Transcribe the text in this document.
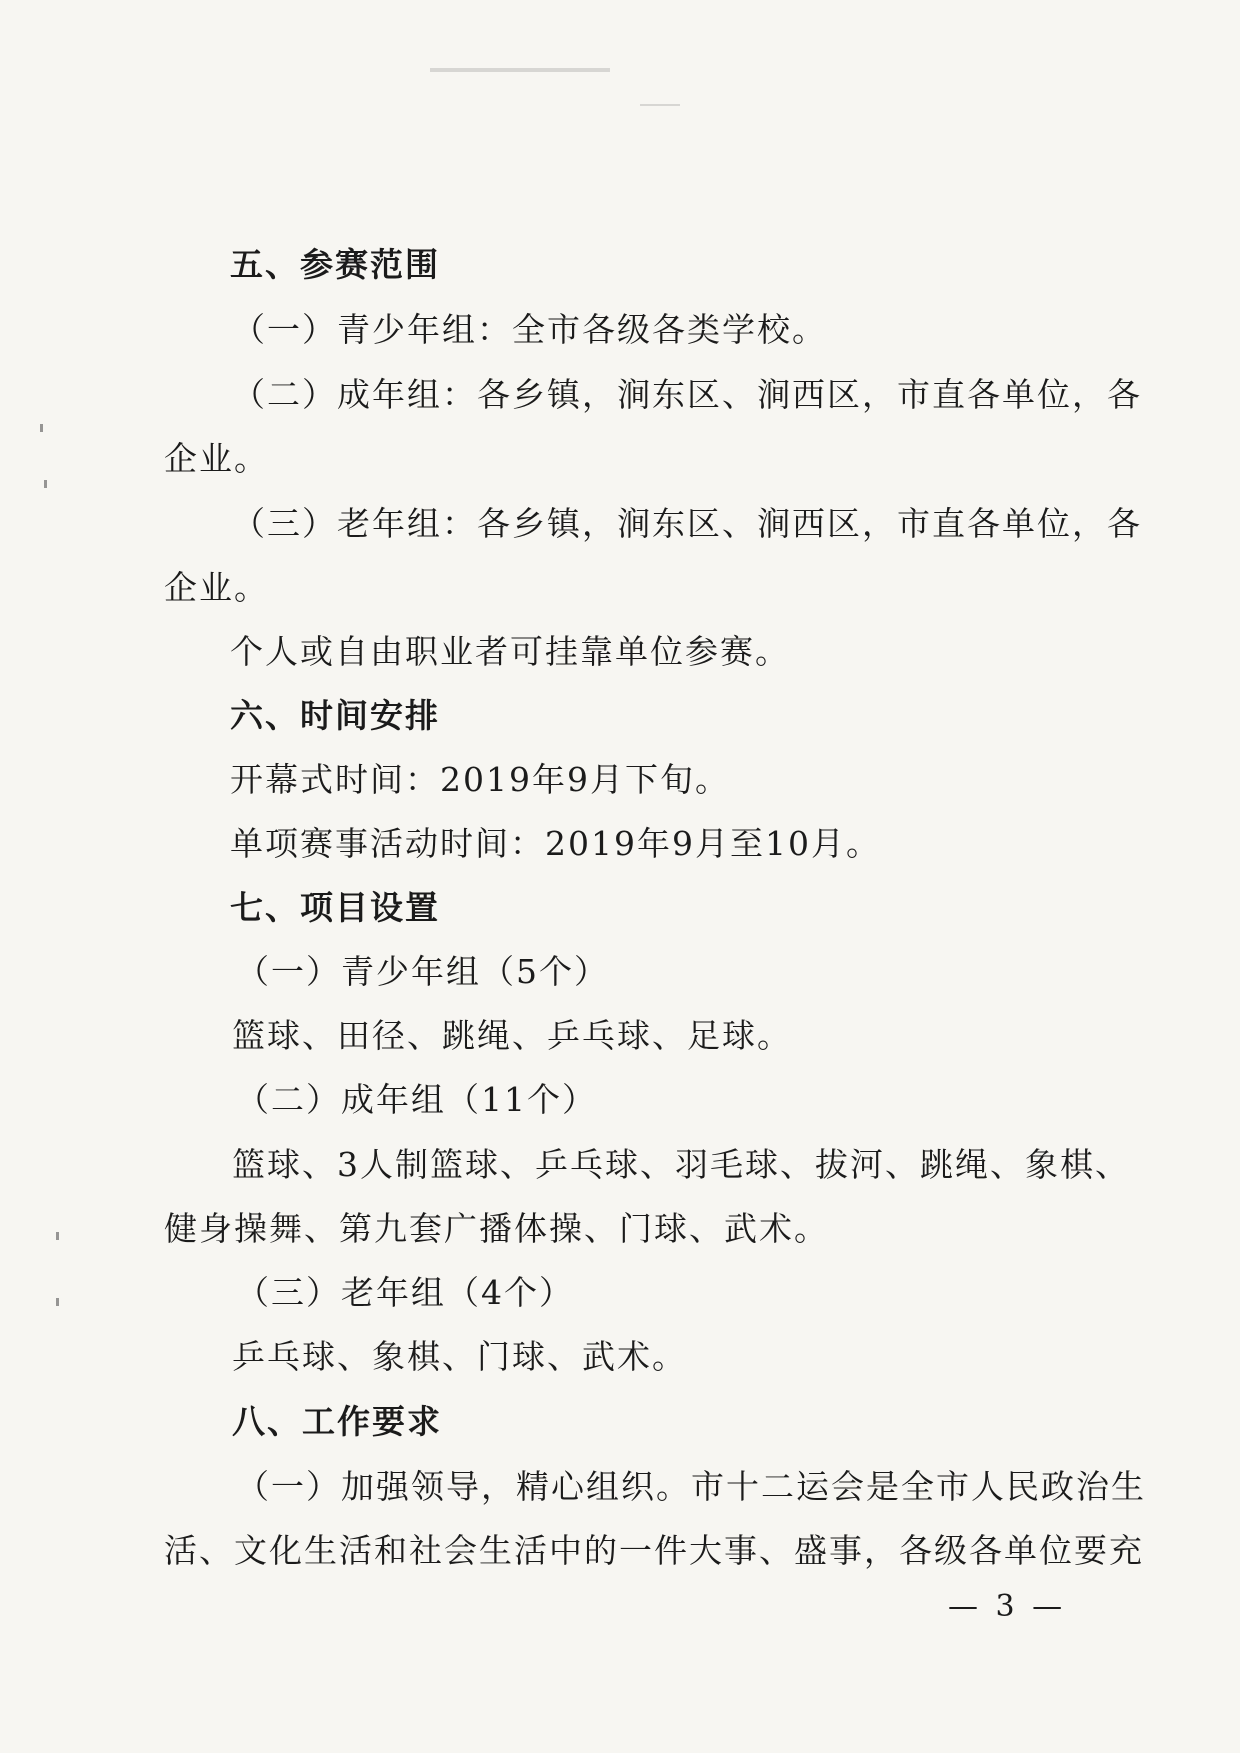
五、参赛范围
（一）青少年组：全市各级各类学校。
（二）成年组：各乡镇，涧东区、涧西区，市直各单位，各
企业。
（三）老年组：各乡镇，涧东区、涧西区，市直各单位，各
企业。
个人或自由职业者可挂靠单位参赛。
六、时间安排
开幕式时间：2019年9月下旬。
单项赛事活动时间：2019年9月至10月。
七、项目设置
（一）青少年组（5个）
篮球、田径、跳绳、乒乓球、足球。
（二）成年组（11个）
篮球、3人制篮球、乒乓球、羽毛球、拔河、跳绳、象棋、
健身操舞、第九套广播体操、门球、武术。
（三）老年组（4个）
乒乓球、象棋、门球、武术。
八、工作要求
（一）加强领导，精心组织。市十二运会是全市人民政治生
活、文化生活和社会生活中的一件大事、盛事，各级各单位要充
— 3 —
